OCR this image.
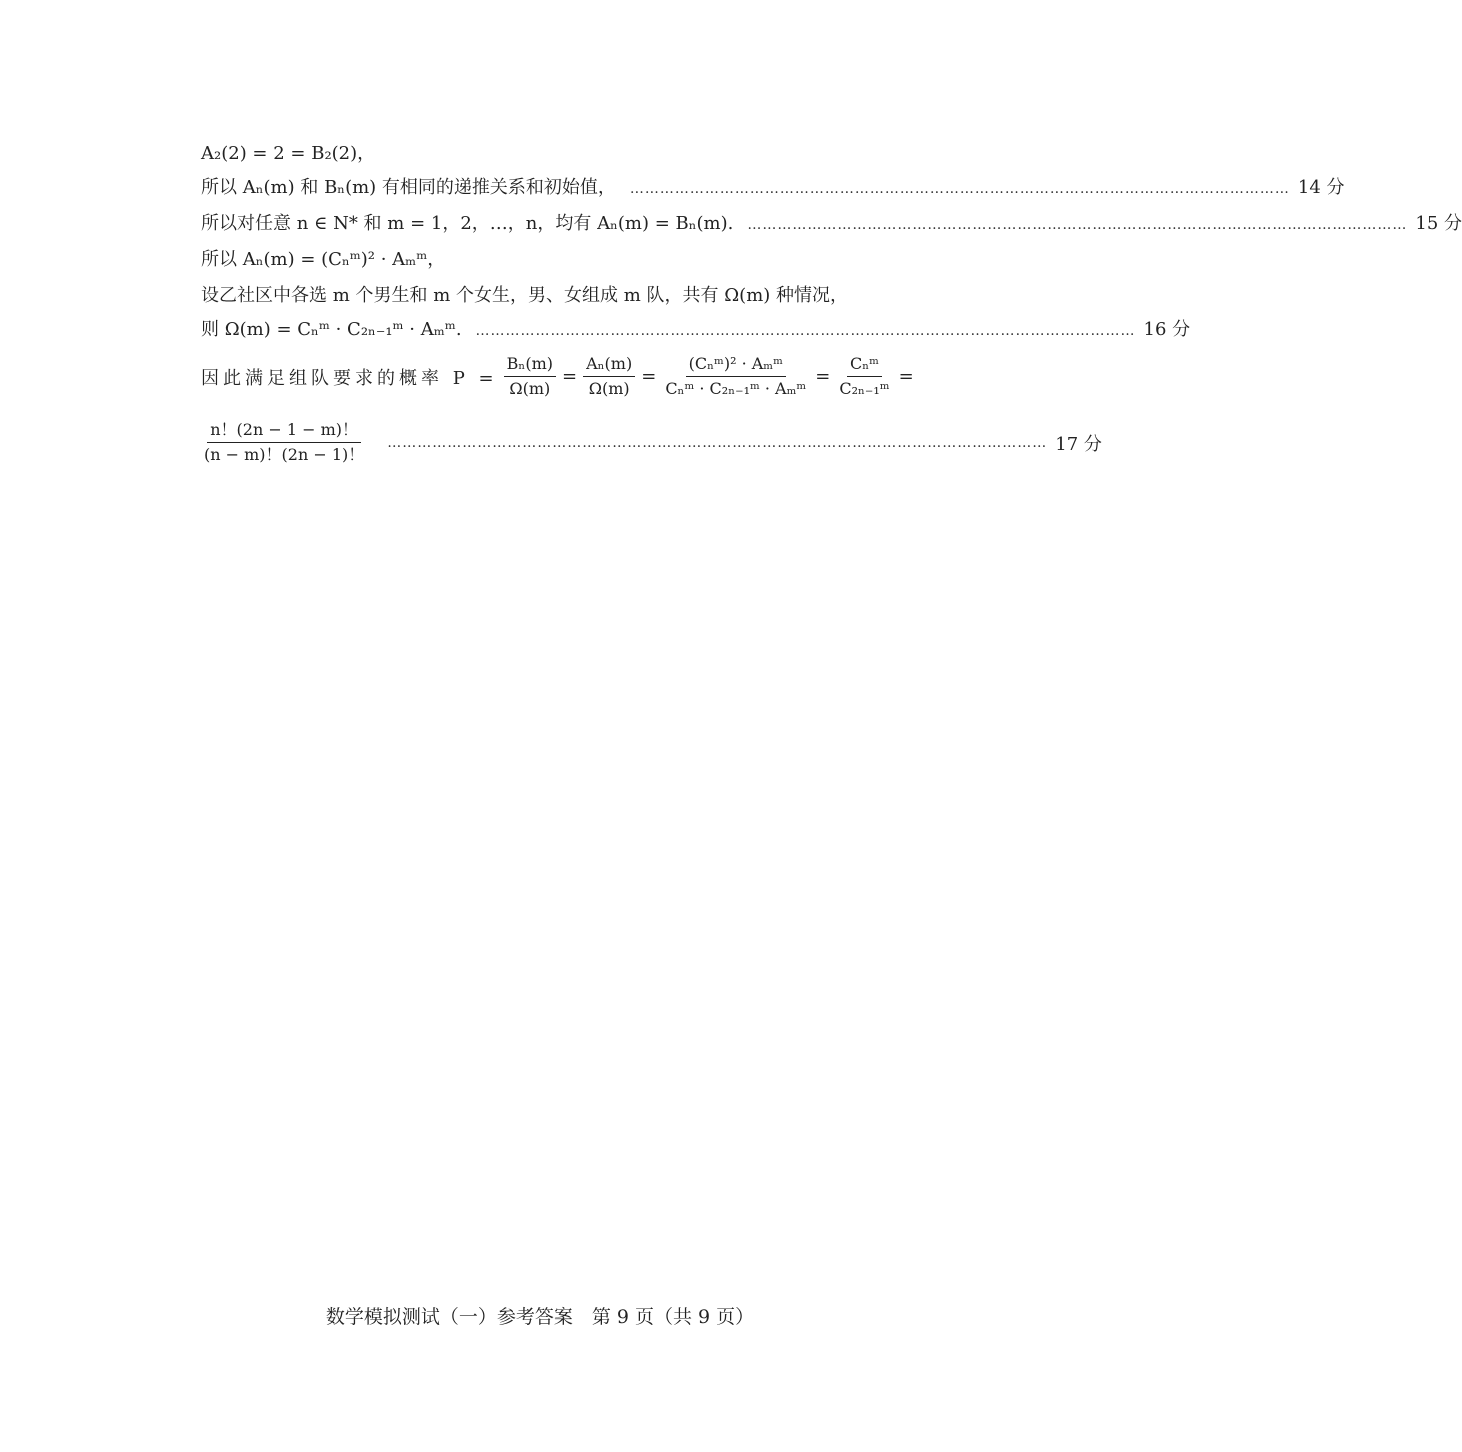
A₂(2) = 2 = B₂(2)，
所以 Aₙ(m) 和 Bₙ(m) 有相同的递推关系和初始值， …………………………………………………………………………………………………………………… 14 分
所以对任意 n ∈ N* 和 m = 1，2，…，n，均有 Aₙ(m) = Bₙ(m). …………………………………………………………………………………………………………………… 15 分
所以 Aₙ(m) = (Cₙᵐ)² · Aₘᵐ，
设乙社区中各选 m 个男生和 m 个女生，男、女组成 m 队，共有 Ω(m) 种情况，
则 Ω(m) = Cₙᵐ · C₂ₙ₋₁ᵐ · Aₘᵐ. …………………………………………………………………………………………………………………… 16 分
因此满足组队要求的概率 $P = \frac{\text{Bₙ(m)}}{\Omega(m)} = \frac{\text{Aₙ(m)}}{\Omega(m)} = \frac{\text{(Cₙᵐ)² · Aₘᵐ}}{\text{Cₙᵐ · C₂ₙ₋₁ᵐ · Aₘᵐ}} = \frac{\text{Cₙᵐ}}{\text{C₂ₙ₋₁ᵐ}}$ =
$\frac{n!(2n - 1 - m)!}{(n - m)!(2n - 1)!}$ …………………………………………………………………………………………………………………… 17 分
数学模拟测试（一）参考答案　第 9 页（共 9 页）
